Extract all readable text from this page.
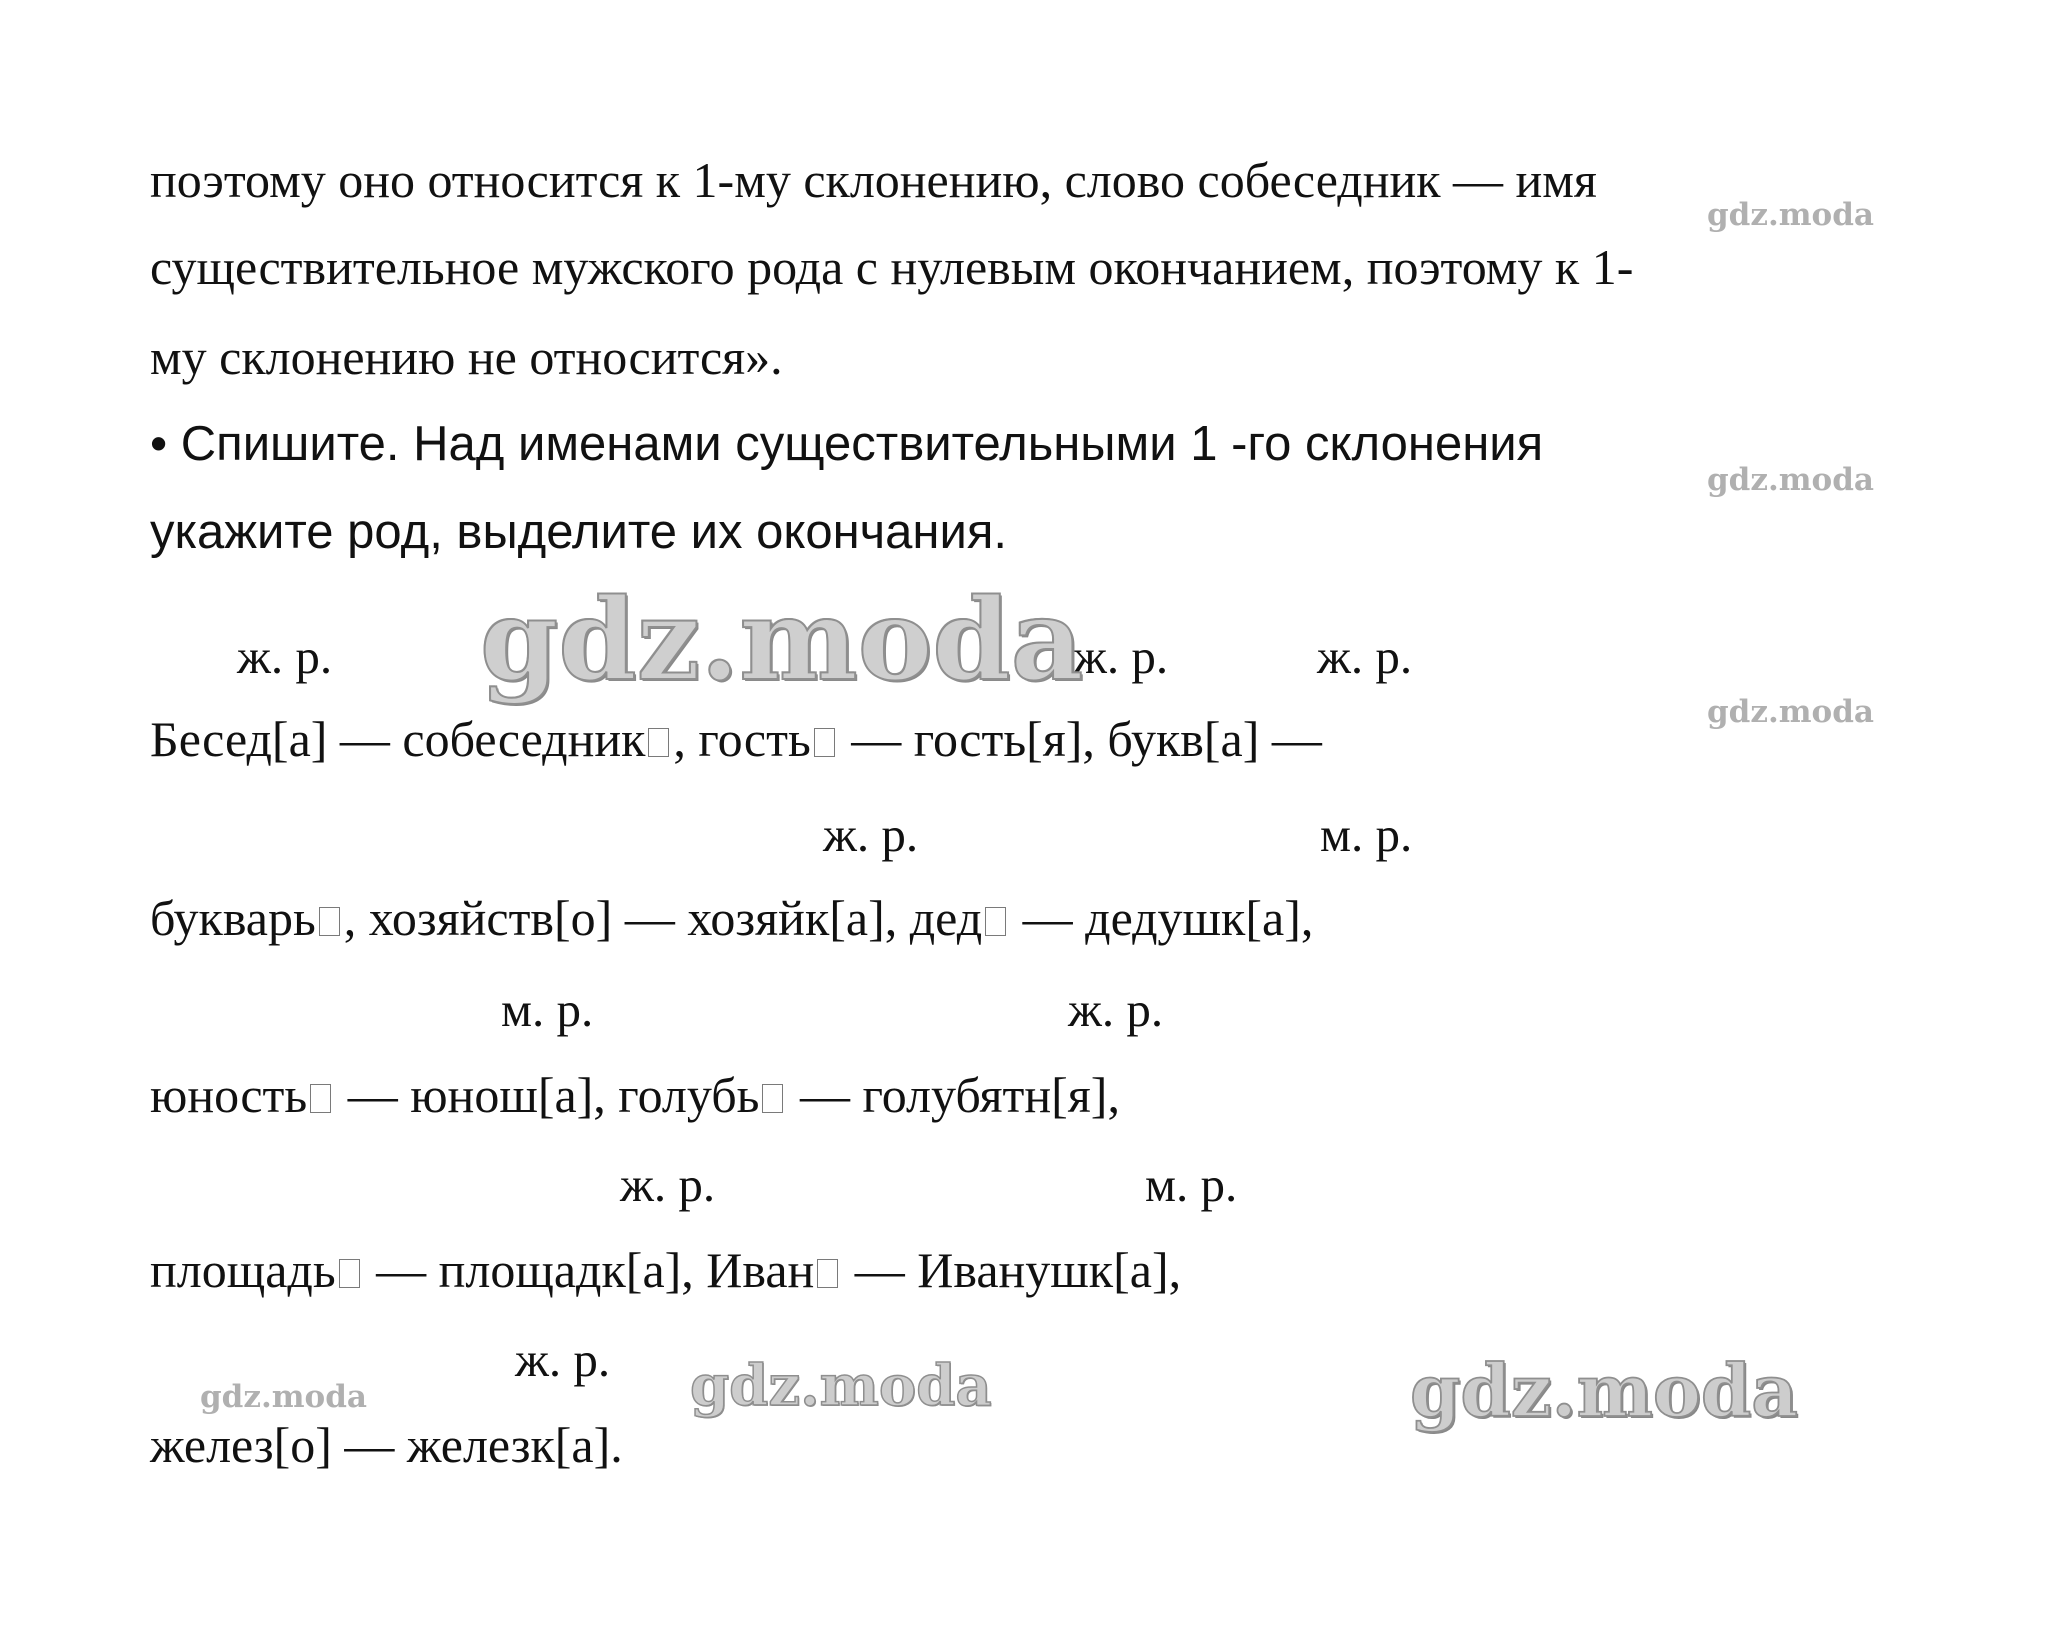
поэтому оно относится к 1-му склонению, слово собеседник — имя
существительное мужского рода с нулевым окончанием, поэтому к 1-
му склонению не относится».
• Спишите. Над именами существительными 1 -го склонения
укажите род, выделите их окончания.
ж. р.	ж. р.	ж. р.
Бесед[а] — собеседник , гость — гость[я], букв[а] —
ж. р.	м. р.
букварь , хозяйств[о] — хозяйк[а], дед — дедушк[а],
м. р.	ж. р.
юность — юнош[а], голубь — голубятн[я],
ж. р.	м. р.
площадь — площадк[а], Иван — Иванушк[а],
ж. р.
желез[о] — железк[а].
gdz.moda
gdz.moda
gdz.moda
gdz.moda
gdz.moda	gdz.moda	gdz.moda
